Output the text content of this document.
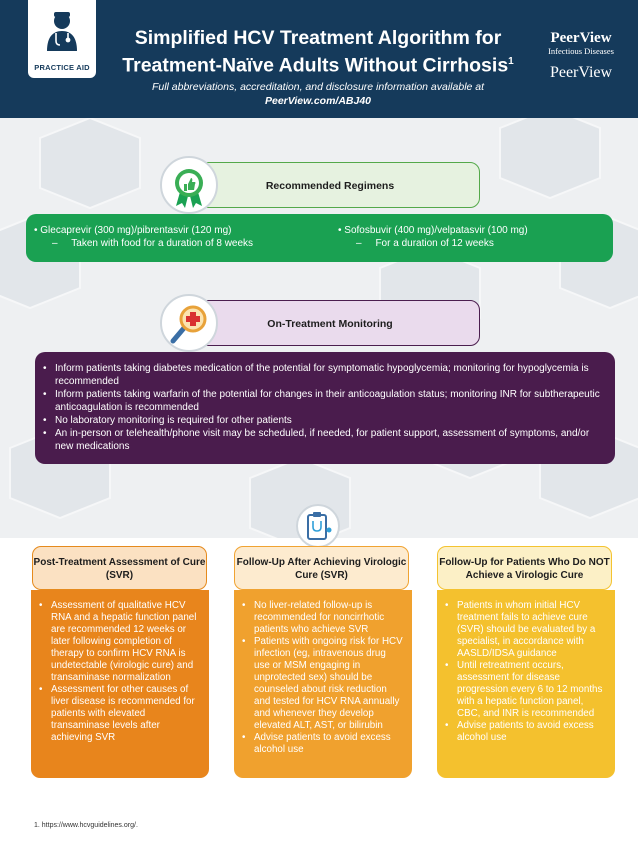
PRACTICE AID
Simplified HCV Treatment Algorithm for
Treatment-Naïve Adults Without Cirrhosis$^1$
Full abbreviations, accreditation, and disclosure information available at
PeerView.com/ABJ40
PeerView
Infectious Diseases
PeerView
Recommended Regimens
• Glecaprevir (300 mg)/pibrentasvir (120 mg)
–     Taken with food for a duration of 8 weeks
• Sofosbuvir (400 mg)/velpatasvir (100 mg)
–     For a duration of 12 weeks
On-Treatment Monitoring
• Inform patients taking diabetes medication of the potential for symptomatic hypoglycemia; monitoring for hypoglycemia is recommended
• Inform patients taking warfarin of the potential for changes in their anticoagulation status; monitoring INR for subtherapeutic anticoagulation is recommended
• No laboratory monitoring is required for other patients
• An in-person or telehealth/phone visit may be scheduled, if needed, for patient support, assessment of symptoms, and/or new medications
Post-Treatment Assessment of Cure (SVR)
• Assessment of qualitative HCV RNA and a hepatic function panel are recommended 12 weeks or later following completion of therapy to confirm HCV RNA is undetectable (virologic cure) and transaminase normalization
• Assessment for other causes of liver disease is recommended for patients with elevated transaminase levels after achieving SVR
Follow-Up After Achieving Virologic Cure (SVR)
• No liver-related follow-up is recommended for noncirrhotic patients who achieve SVR
• Patients with ongoing risk for HCV infection (eg, intravenous drug use or MSM engaging in unprotected sex) should be counseled about risk reduction and tested for HCV RNA annually and whenever they develop elevated ALT, AST, or bilirubin
• Advise patients to avoid excess alcohol use
Follow-Up for Patients Who Do NOT Achieve a Virologic Cure
• Patients in whom initial HCV treatment fails to achieve cure (SVR) should be evaluated by a specialist, in accordance with AASLD/IDSA guidance
• Until retreatment occurs, assessment for disease progression every 6 to 12 months with a hepatic function panel, CBC, and INR is recommended
• Advise patients to avoid excess alcohol use
1. https://www.hcvguidelines.org/.
